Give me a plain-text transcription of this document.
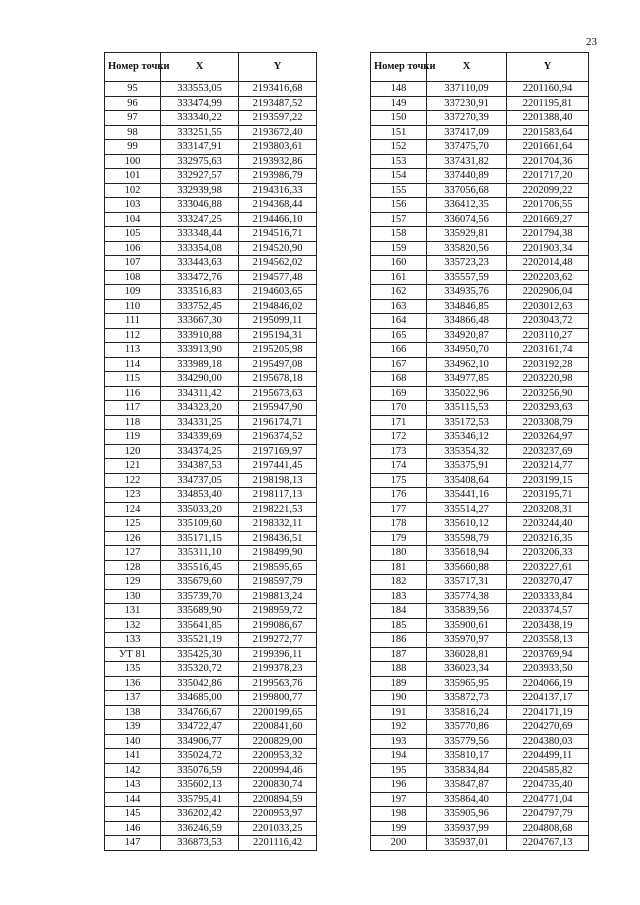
23
Номер точки	X	Y
95	333553,05	2193416,68
96	333474,99	2193487,52
97	333340,22	2193597,22
98	333251,55	2193672,40
99	333147,91	2193803,61
100	332975,63	2193932,86
101	332927,57	2193986,79
102	332939,98	2194316,33
103	333046,88	2194368,44
104	333247,25	2194466,10
105	333348,44	2194516,71
106	333354,08	2194520,90
107	333443,63	2194562,02
108	333472,76	2194577,48
109	333516,83	2194603,65
110	333752,45	2194846,02
111	333667,30	2195099,11
112	333910,88	2195194,31
113	333913,90	2195205,98
114	333989,18	2195497,08
115	334290,00	2195678,18
116	334311,42	2195673,63
117	334323,20	2195947,90
118	334331,25	2196174,71
119	334339,69	2196374,52
120	334374,25	2197169,97
121	334387,53	2197441,45
122	334737,05	2198198,13
123	334853,40	2198117,13
124	335033,20	2198221,53
125	335109,60	2198332,11
126	335171,15	2198436,51
127	335311,10	2198499,90
128	335516,45	2198595,65
129	335679,60	2198597,79
130	335739,70	2198813,24
131	335689,90	2198959,72
132	335641,85	2199086,67
133	335521,19	2199272,77
УТ 81	335425,30	2199396,11
135	335320,72	2199378,23
136	335042,86	2199563,76
137	334685,00	2199800,77
138	334766,67	2200199,65
139	334722,47	2200841,60
140	334906,77	2200829,00
141	335024,72	2200953,32
142	335076,59	2200994,46
143	335602,13	2200830,74
144	335795,41	2200894,59
145	336202,42	2200953,97
146	336246,59	2201033,25
147	336873,53	2201116,42
Номер точки	X	Y
148	337110,09	2201160,94
149	337230,91	2201195,81
150	337270,39	2201388,40
151	337417,09	2201583,64
152	337475,70	2201661,64
153	337431,82	2201704,36
154	337440,89	2201717,20
155	337056,68	2202099,22
156	336412,35	2201706,55
157	336074,56	2201669,27
158	335929,81	2201794,38
159	335820,56	2201903,34
160	335723,23	2202014,48
161	335557,59	2202203,62
162	334935,76	2202906,04
163	334846,85	2203012,63
164	334866,48	2203043,72
165	334920,87	2203110,27
166	334950,70	2203161,74
167	334962,10	2203192,28
168	334977,85	2203220,98
169	335022,96	2203256,90
170	335115,53	2203293,63
171	335172,53	2203308,79
172	335346,12	2203264,97
173	335354,32	2203237,69
174	335375,91	2203214,77
175	335408,64	2203199,15
176	335441,16	2203195,71
177	335514,27	2203208,31
178	335610,12	2203244,40
179	335598,79	2203216,35
180	335618,94	2203206,33
181	335660,88	2203227,61
182	335717,31	2203270,47
183	335774,38	2203333,84
184	335839,56	2203374,57
185	335900,61	2203438,19
186	335970,97	2203558,13
187	336028,81	2203769,94
188	336023,34	2203933,50
189	335965,95	2204066,19
190	335872,73	2204137,17
191	335816,24	2204171,19
192	335770,86	2204270,69
193	335779,56	2204380,03
194	335810,17	2204499,11
195	335834,84	2204585,82
196	335847,87	2204735,40
197	335864,40	2204771,04
198	335905,96	2204797,79
199	335937,99	2204808,68
200	335937,01	2204767,13
